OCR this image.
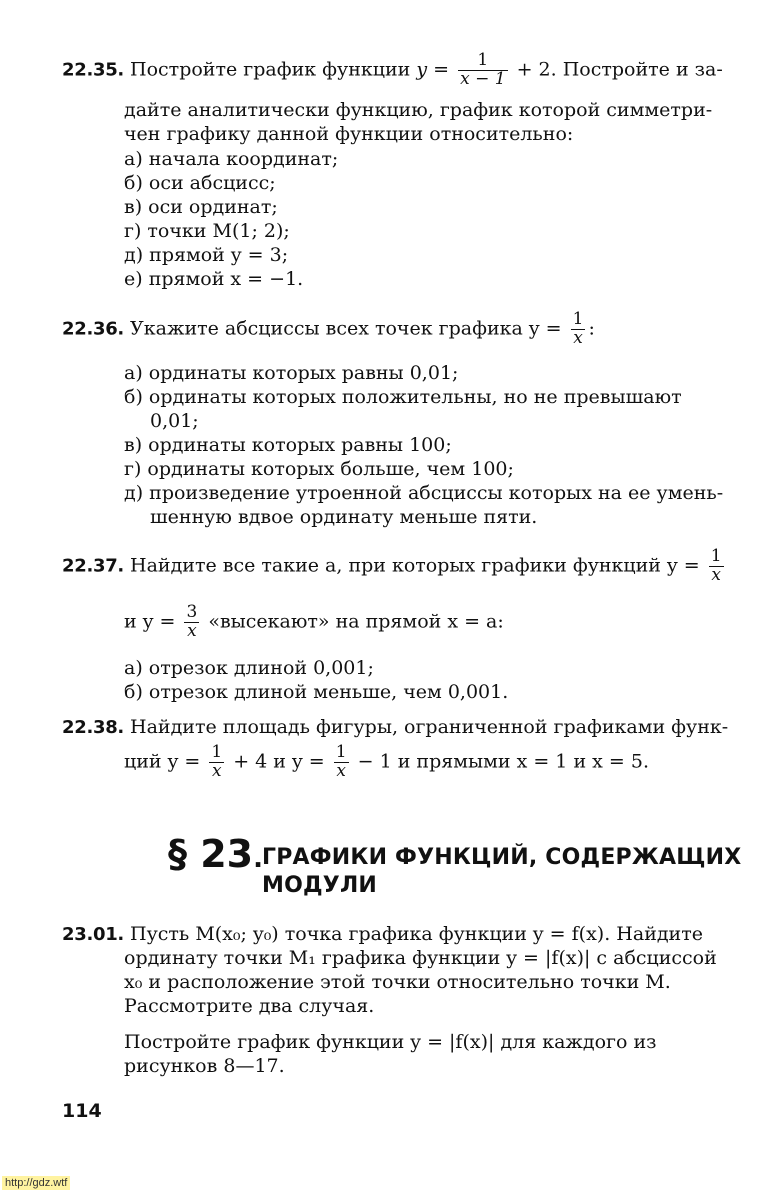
22.35. Постройте график функции $y = \frac{1}{x - 1} + 2$. Постройте и за-
дайте аналитически функцию, график которой симметри-
чен графику данной функции относительно:
а) начала координат;
б) оси абсцисс;
в) оси ординат;
г) точки M(1; 2);
д) прямой y = 3;
е) прямой x = −1.
22.36. Укажите абсциссы всех точек графика $y = \frac{1}{x}$ :
а) ординаты которых равны 0,01;
б) ординаты которых положительны, но не превышают
0,01;
в) ординаты которых равны 100;
г) ординаты которых больше, чем 100;
д) произведение утроенной абсциссы которых на ее умень-
шенную вдвое ординату меньше пяти.
22.37. Найдите все такие a, при которых графики функций $y = \frac{1}{x}$
и $y = \frac{3}{x}$ «высекают» на прямой x = a:
а) отрезок длиной 0,001;
б) отрезок длиной меньше, чем 0,001.
22.38. Найдите площадь фигуры, ограниченной графиками функ-
ций $y = \frac{1}{x} + 4$ и $y = \frac{1}{x} - 1$ и прямыми x = 1 и x = 5.
§ 23.
ГРАФИКИ ФУНКЦИЙ, СОДЕРЖАЩИХ
МОДУЛИ
23.01. Пусть M(x₀; y₀) точка графика функции y = f(x). Найдите
ординату точки M₁ графика функции y = |f(x)| с абсциссой
x₀ и расположение этой точки относительно точки M.
Рассмотрите два случая.
Постройте график функции y = |f(x)| для каждого из
рисунков 8—17.
114
http://gdz.wtf
